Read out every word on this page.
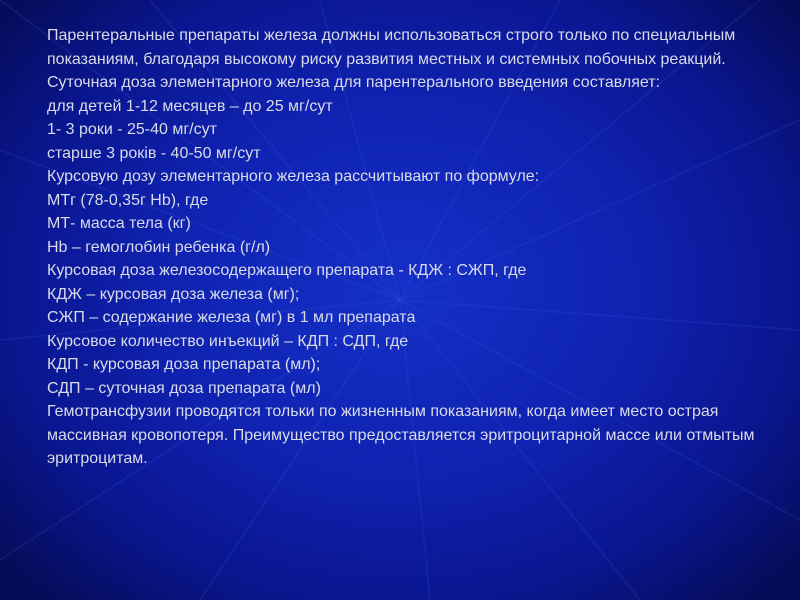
Парентеральные препараты железа должны использоваться строго только по специальным показаниям, благодаря высокому риску развития местных и системных побочных реакций.

Суточная доза элементарного железа для парентерального введения составляет:

для детей 1-12 месяцев – до 25 мг/сут

1- 3 роки - 25-40 мг/сут

старше 3 років - 40-50 мг/сут

Курсовую дозу элементарного железа рассчитывают по формуле:

МТг (78-0,35г Hb), где

МТ- масса тела (кг)

Hb – гемоглобин ребенка (г/л)

Курсовая доза железосодержащего препарата - КДЖ : СЖП, где

КДЖ – курсовая доза железа (мг);

СЖП – содержание железа (мг) в 1 мл препарата

Курсовое количество инъекций – КДП : СДП, где

КДП - курсовая доза препарата (мл);

СДП – суточная доза препарата (мл)

Гемотрансфузии проводятся тольки по жизненным показаниям, когда имеет место острая массивная кровопотеря. Преимущество предоставляется эритроцитарной массе или отмытым эритроцитам.
